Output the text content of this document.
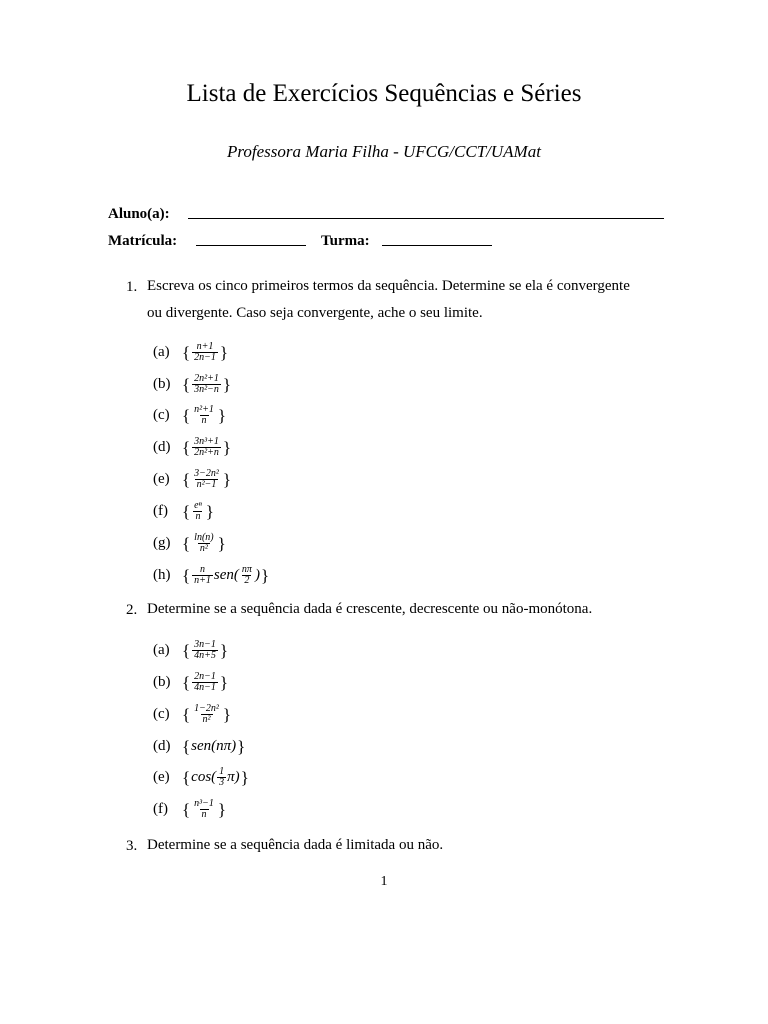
Lista de Exercícios Sequências e Séries
Professora Maria Filha - UFCG/CCT/UAMat
Aluno(a):
Matrícula:	Turma:
1. Escreva os cinco primeiros termos da sequência. Determine se ela é convergente
ou divergente. Caso seja convergente, ache o seu limite.
(a) { $\frac{n+1}{2n-1}$ }
(b) { $\frac{\text{2n²+1}}{\text{3n²−n}}$ }
(c) { $\frac{\text{n²+1}}{n}$ }
(d) { $\frac{\text{3n³+1}}{\text{2n²+n}}$ }
(e) { $\frac{\text{3−2n²}}{\text{n²−1}}$ }
(f) { $\frac{\text{eⁿ}}{n}$ }
(g) { $\frac{\ln(n)}{\text{n²}}$ }
(h) { $\frac{n}{n+1} sen( \frac{n\pi}{2}$ ) }
2. Determine se a sequência dada é crescente, decrescente ou não-monótona.
(a) { $\frac{3n-1}{4n+5}$ }
(b) { $\frac{2n-1}{4n-1}$ }
(c) { $\frac{\text{1−2n²}}{\text{n²}}$ }
(d) { sen(nπ) }
(e) { $\cos( \frac{1}{3} \pi)$ }
(f) { $\frac{\text{n³−1}}{n}$ }
3. Determine se a sequência dada é limitada ou não.
1
